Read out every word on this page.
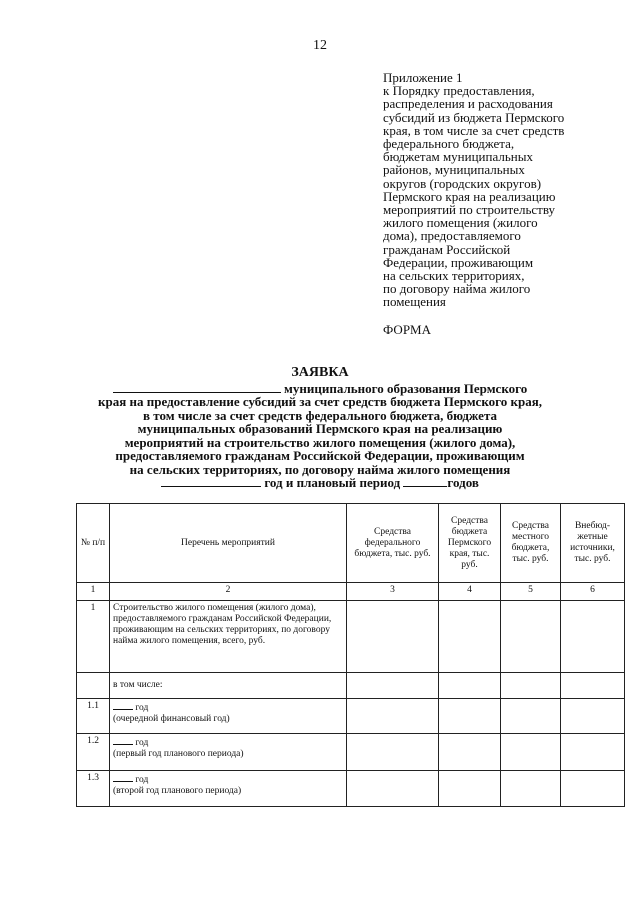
12
Приложение 1
к Порядку предоставления,
распределения и расходования
субсидий из бюджета Пермского
края, в том числе за счет средств
федерального бюджета,
бюджетам муниципальных
районов, муниципальных
округов (городских округов)
Пермского края на реализацию
мероприятий по строительству
жилого помещения (жилого
дома), предоставляемого
гражданам Российской
Федерации, проживающим
на сельских территориях,
по договору найма жилого
помещения
ФОРМА
ЗАЯВКА
муниципального образования Пермского
края на предоставление субсидий за счет средств бюджета Пермского края,
в том числе за счет средств федерального бюджета, бюджета
муниципальных образований Пермского края на реализацию
мероприятий на строительство жилого помещения (жилого дома),
предоставляемого гражданам Российской Федерации, проживающим
на сельских территориях, по договору найма жилого помещения
год и плановый период	годов
№ п/п	Перечень мероприятий	Средства федерального бюджета, тыс. руб.	Средства бюджета Пермского края, тыс. руб.	Средства местного бюджета, тыс. руб.	Внебюд-жетные источники, тыс. руб.
1	2	3	4	5	6
1	Строительство жилого помещения (жилого дома), предоставляемого гражданам Российской Федерации, проживающим на сельских территориях, по договору найма жилого помещения, всего, руб.				
	в том числе:				
1.1	год
(очередной финансовый год)				

1.2	год
(первый год планового периода)				

1.3	год
(второй год планового периода)				
